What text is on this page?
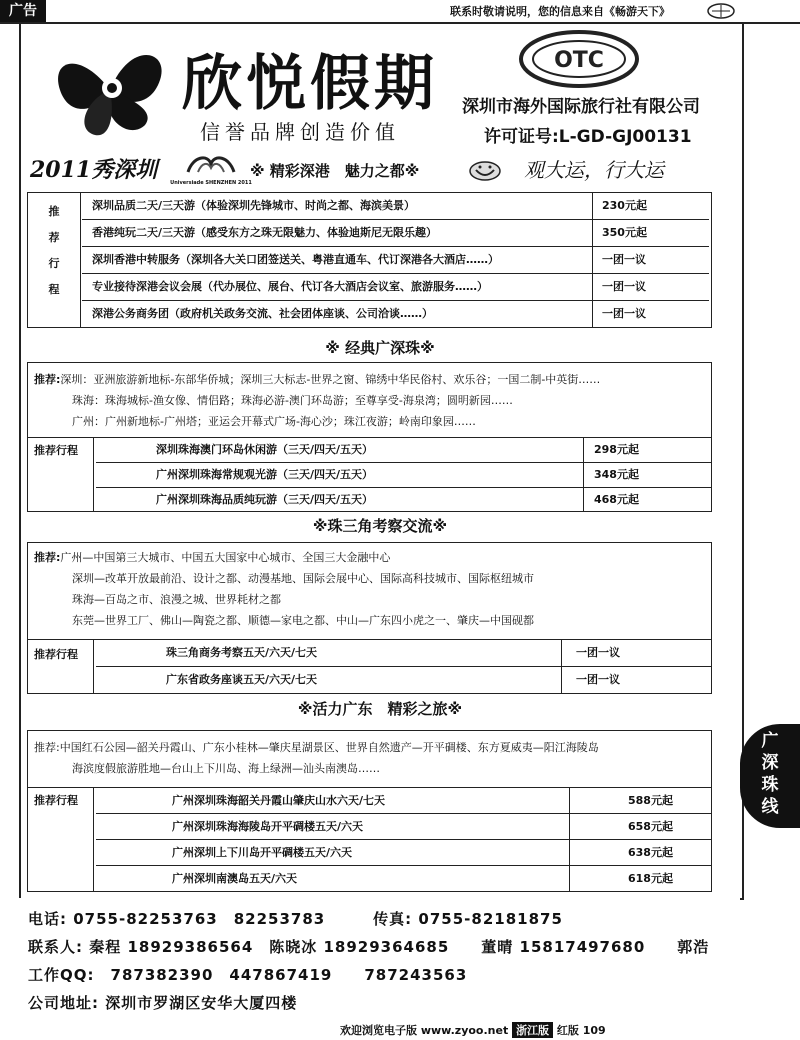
广告	联系时敬请说明，您的信息来自《畅游天下》
欣悦假期
信誉品牌创造价值
OTC
深圳市海外国际旅行社有限公司
许可证号:L-GD-GJ00131
2011秀深圳	Universiade SHENZHEN 2011
※ 精彩深港　魅力之都※	观大运，行大运
推
荐
行
程
深圳品质二天/三天游（体验深圳先锋城市、时尚之都、海滨美景）	230元起
香港纯玩二天/三天游（感受东方之珠无限魅力、体验迪斯尼无限乐趣）	350元起
深圳香港中转服务（深圳各大关口团签送关、粤港直通车、代订深港各大酒店……）	一团一议
专业接待深港会议会展（代办展位、展台、代订各大酒店会议室、旅游服务……）	一团一议
深港公务商务团（政府机关政务交流、社会团体座谈、公司洽谈……）	一团一议
※ 经典广深珠※
推荐:深圳：亚洲旅游新地标-东部华侨城；深圳三大标志-世界之窗、锦绣中华民俗村、欢乐谷；一国二制-中英街……
珠海：珠海城标-渔女像、情侣路；珠海必游-澳门环岛游；至尊享受-海泉湾；圆明新园……
广州：广州新地标-广州塔；亚运会开幕式广场-海心沙；珠江夜游；岭南印象园……
推荐行程	深圳珠海澳门环岛休闲游（三天/四天/五天）	298元起
广州深圳珠海常规观光游（三天/四天/五天）	348元起
广州深圳珠海品质纯玩游（三天/四天/五天）	468元起
※珠三角考察交流※
推荐:广州—中国第三大城市、中国五大国家中心城市、全国三大金融中心
深圳—改革开放最前沿、设计之都、动漫基地、国际会展中心、国际高科技城市、国际枢纽城市
珠海—百岛之市、浪漫之城、世界耗材之都
东莞—世界工厂、佛山—陶瓷之都、顺德—家电之都、中山—广东四小虎之一、肇庆—中国砚都
推荐行程	珠三角商务考察五天/六天/七天	一团一议
广东省政务座谈五天/六天/七天	一团一议
※活力广东　精彩之旅※
推荐:中国红石公园—韶关丹霞山、广东小桂林—肇庆星湖景区、世界自然遗产—开平碉楼、东方夏威夷—阳江海陵岛
海滨度假旅游胜地—台山上下川岛、海上绿洲—汕头南澳岛……
推荐行程	广州深圳珠海韶关丹霞山肇庆山水六天/七天	588元起
广州深圳珠海海陵岛开平碉楼五天/六天	658元起
广州深圳上下川岛开平碉楼五天/六天	638元起
广州深圳南澳岛五天/六天	618元起
电话: 0755-82253763　82253783　　　传真: 0755-82181875
联系人: 秦程 18929386564　陈晓冰 18929364685　　董晴 15817497680　　郭浩
工作QQ:　787382390　447867419　　787243563
公司地址: 深圳市罗湖区安华大厦四楼
广
深
珠
线
欢迎浏览电子版 www.zyoo.net 浙江版 红版 109
